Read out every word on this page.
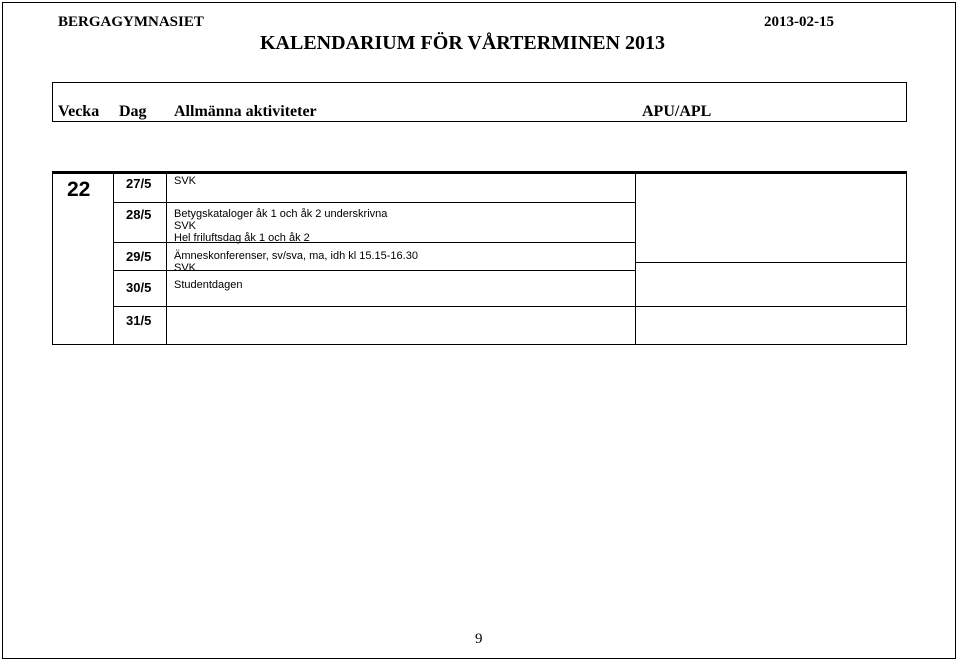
BERGAGYMNASIET	2013-02-15
KALENDARIUM FÖR VÅRTERMINEN 2013
Vecka Dag Allmänna aktiviteter	APU/APL
22	27/5 SVK
28/5 Betygskataloger åk 1 och åk 2 underskrivna
SVK
Hel friluftsdag åk 1 och åk 2
29/5 Ämneskonferenser, sv/sva, ma, idh kl 15.15-16.30
SVK
30/5 Studentdagen
31/5
9
